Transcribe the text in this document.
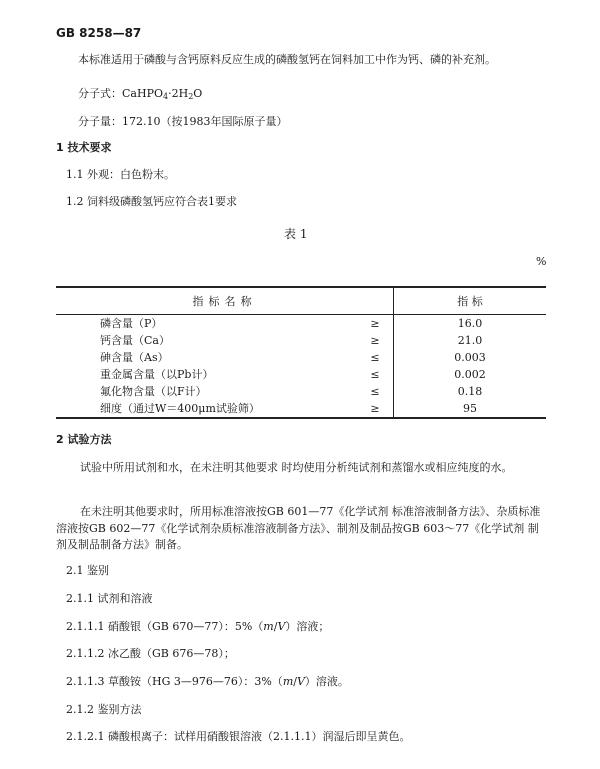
GB 8258—87
本标准适用于磷酸与含钙原料反应生成的磷酸氢钙在饲料加工中作为钙、磷的补充剂。
分子式：$CaHPO_4\cdot 2H_2O$
分子量：172.10（按1983年国际原子量）
1 技术要求
1.1 外观：白色粉末。
1.2 饲料级磷酸氢钙应符合表1要求
表 1
%
指标名称		指 标
磷含量（P）	≥	16.0
钙含量（Ca）	≥	21.0
砷含量（As）	≤	0.003
重金属含量（以Pb计）	≤	0.002
氟化物含量（以F计）	≤	0.18
细度（通过W＝400μm试验筛）	≥	95
2 试验方法
试验中所用试剂和水，在未注明其他要求 时均使用分析纯试剂和蒸馏水或相应纯度的水。
在未注明其他要求时，所用标准溶液按GB 601—77《化学试剂 标准溶液制备方法》、杂质标准溶液按GB 602—77《化学试剂杂质标准溶液制备方法》、制剂及制品按GB 603～77《化学试剂 制剂及制品制备方法》制备。
2.1 鉴别
2.1.1 试剂和溶液
2.1.1.1 硝酸银（GB 670—77）：5%（m/V）溶液；
2.1.1.2 冰乙酸（GB 676—78）；
2.1.1.3 草酸铵（HG 3—976—76）：3%（m/V）溶液。
2.1.2 鉴别方法
2.1.2.1 磷酸根离子：试样用硝酸银溶液（2.1.1.1）润湿后即呈黄色。
